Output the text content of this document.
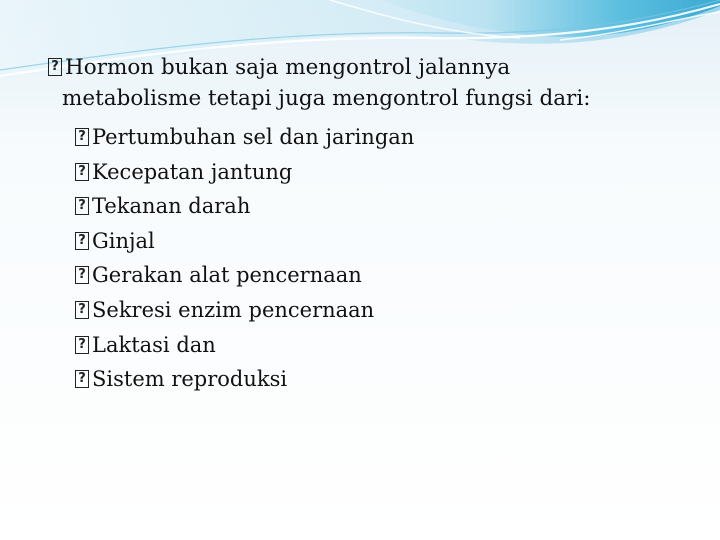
?
Hormon bukan saja mengontrol jalannya
metabolisme tetapi juga mengontrol fungsi dari:
?
Pertumbuhan sel dan jaringan
?
Kecepatan jantung
?
Tekanan darah
?
Ginjal
?
Gerakan alat pencernaan
?
Sekresi enzim pencernaan
?
Laktasi dan
?
Sistem reproduksi
